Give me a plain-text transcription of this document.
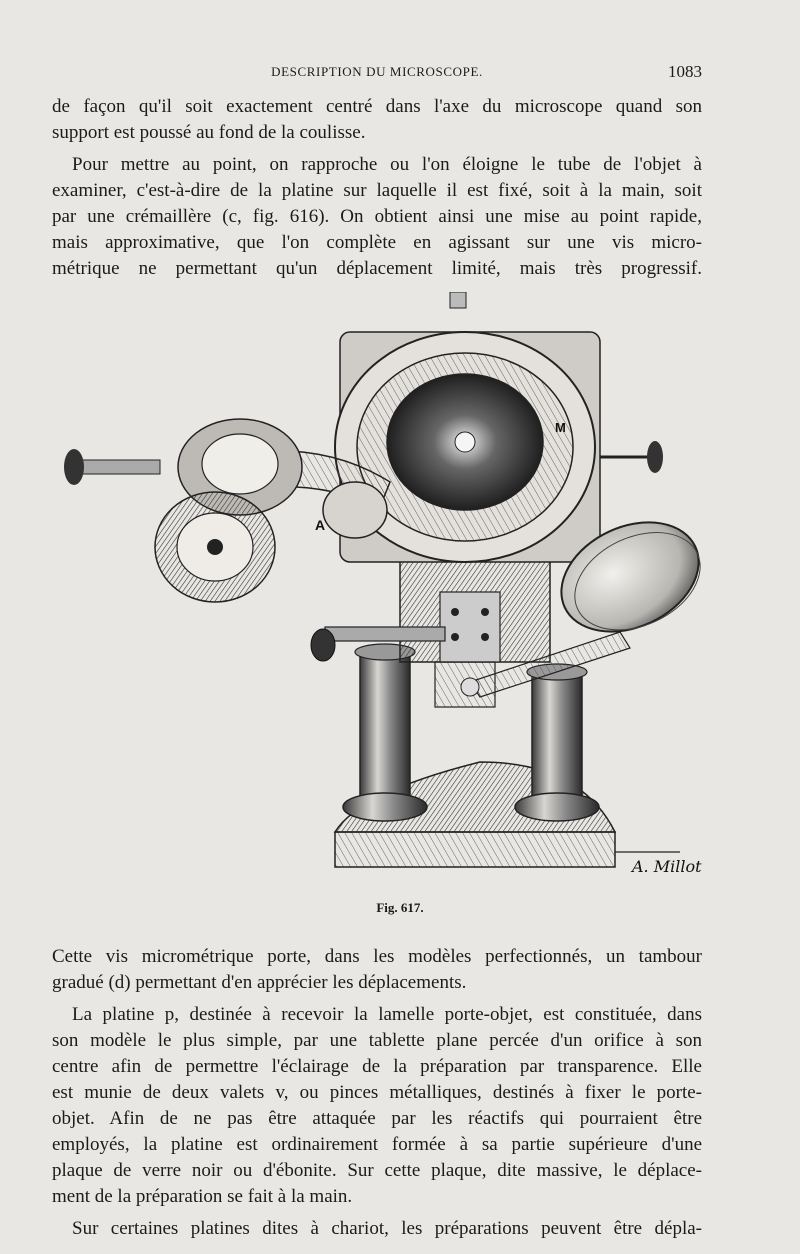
DESCRIPTION DU MICROSCOPE.	1083
de façon qu'il soit exactement centré dans l'axe du microscope quand son
support est poussé au fond de la coulisse.
Pour mettre au point, on rapproche ou l'on éloigne le tube de l'objet à
examiner, c'est-à-dire de la platine sur laquelle il est fixé, soit à la main, soit
par une crémaillère (c, fig. 616). On obtient ainsi une mise au point rapide,
mais approximative, que l'on complète en agissant sur une vis micro-
métrique ne permettant qu'un déplacement limité, mais très progressif.
A
M
A. Millot
Fig. 617.
Cette vis micrométrique porte, dans les modèles perfectionnés, un tambour
gradué (d) permettant d'en apprécier les déplacements.
La platine p, destinée à recevoir la lamelle porte-objet, est constituée, dans
son modèle le plus simple, par une tablette plane percée d'un orifice à son
centre afin de permettre l'éclairage de la préparation par transparence. Elle
est munie de deux valets v, ou pinces métalliques, destinés à fixer le porte-
objet. Afin de ne pas être attaquée par les réactifs qui pourraient être
employés, la platine est ordinairement formée à sa partie supérieure d'une
plaque de verre noir ou d'ébonite. Sur cette plaque, dite massive, le déplace-
ment de la préparation se fait à la main.
Sur certaines platines dites à chariot, les préparations peuvent être dépla-
